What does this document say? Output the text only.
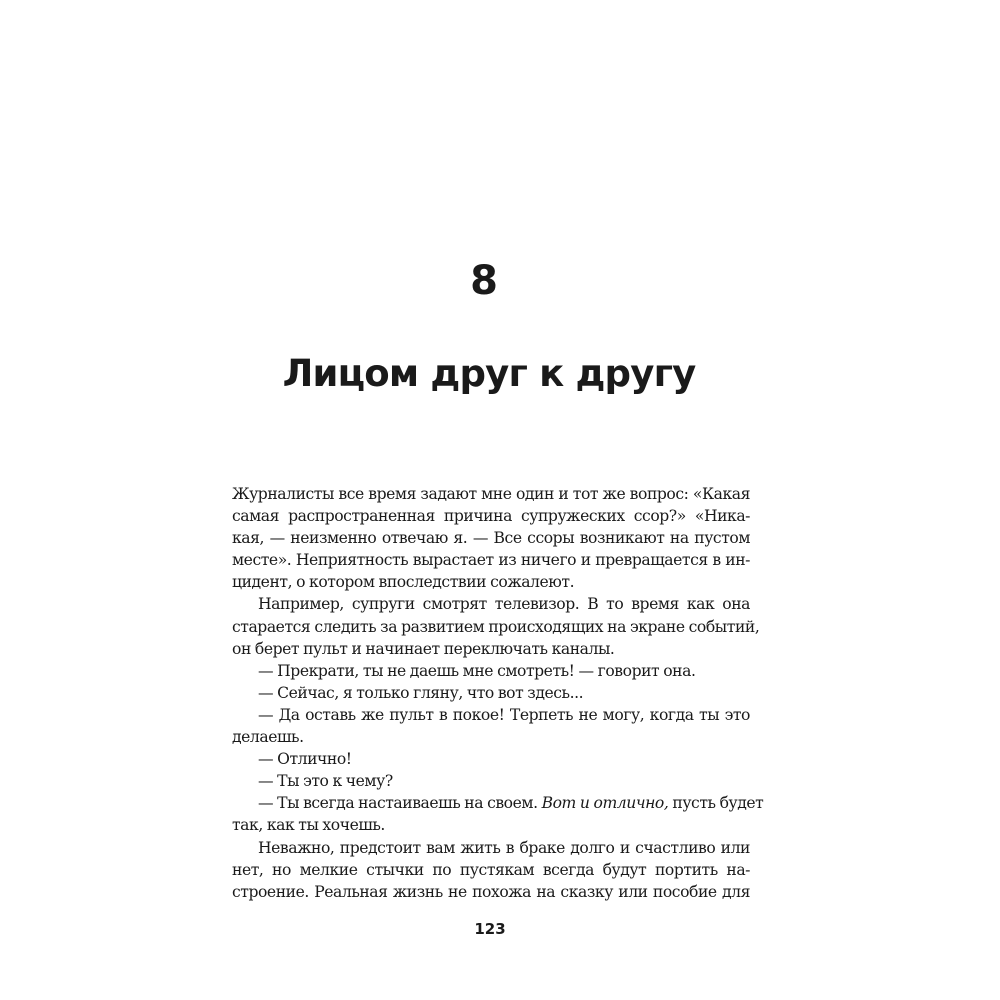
8
Лицом друг к другу
Журналисты все время задают мне один и тот же вопрос: «Какая
самая распространенная причина супружеских ссор?» «Ника-
кая, — неизменно отвечаю я. — Все ссоры возникают на пустом
месте». Неприятность вырастает из ничего и превращается в ин-
цидент, о котором впоследствии сожалеют.
Например, супруги смотрят телевизор. В то время как она
старается следить за развитием происходящих на экране событий,
он берет пульт и начинает переключать каналы.
— Прекрати, ты не даешь мне смотреть! — говорит она.
— Сейчас, я только гляну, что вот здесь...
— Да оставь же пульт в покое! Терпеть не могу, когда ты это
делаешь.
— Отлично!
— Ты это к чему?
— Ты всегда настаиваешь на своем. Вот и отлично, пусть будет
так, как ты хочешь.
Неважно, предстоит вам жить в браке долго и счастливо или
нет, но мелкие стычки по пустякам всегда будут портить на-
строение. Реальная жизнь не похожа на сказку или пособие для
123
